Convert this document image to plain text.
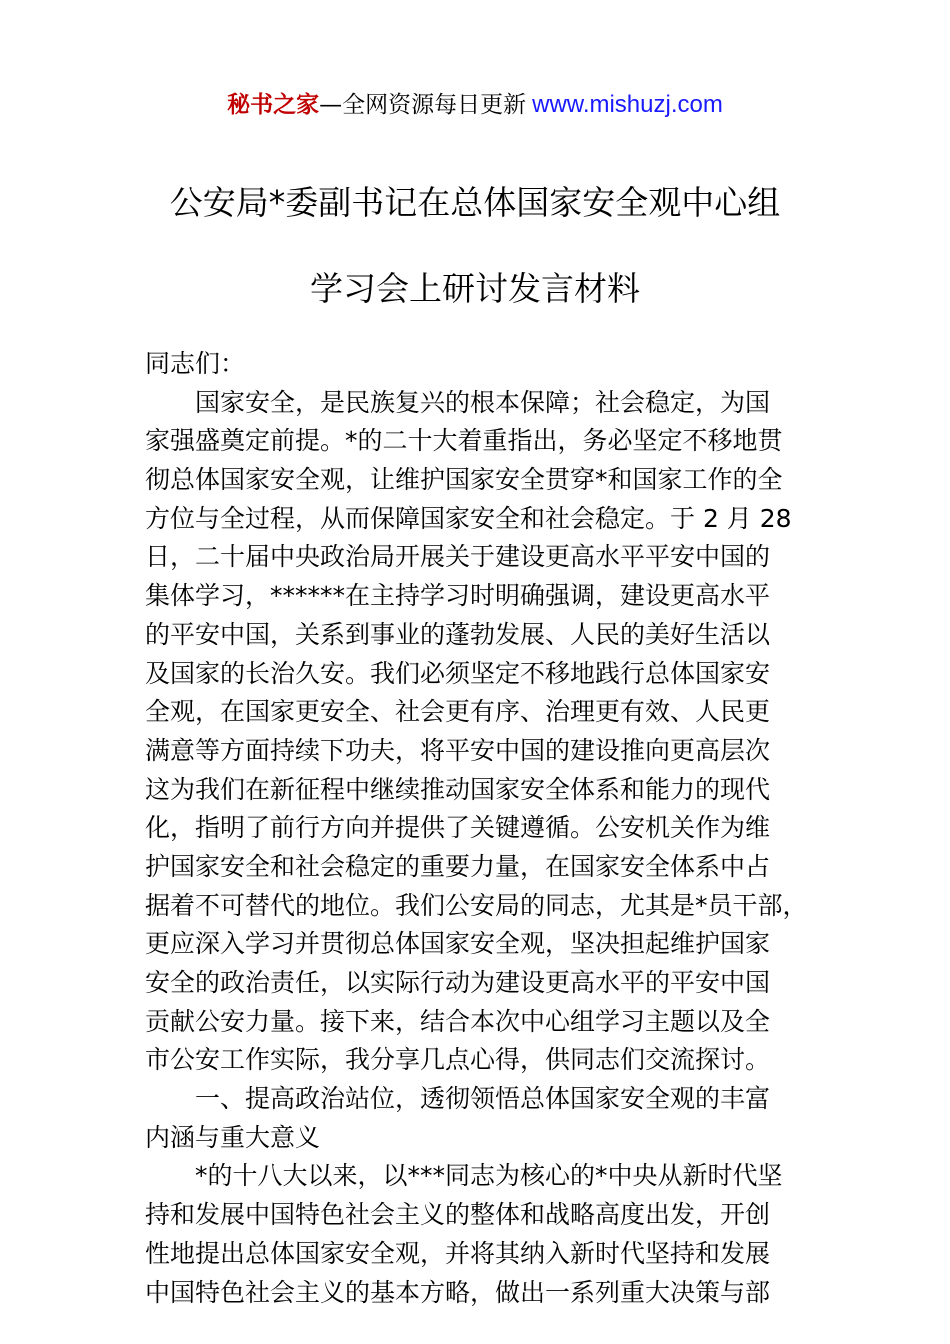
秘书之家—全网资源每日更新 www.mishuzj.com
公安局*委副书记在总体国家安全观中心组
学习会上研讨发言材料
同志们：
　　国家安全，是民族复兴的根本保障；社会稳定，为国
家强盛奠定前提。*的二十大着重指出，务必坚定不移地贯
彻总体国家安全观，让维护国家安全贯穿*和国家工作的全
方位与全过程，从而保障国家安全和社会稳定。于 2 月 28
日，二十届中央政治局开展关于建设更高水平平安中国的
集体学习，******在主持学习时明确强调，建设更高水平
的平安中国，关系到事业的蓬勃发展、人民的美好生活以
及国家的长治久安。我们必须坚定不移地践行总体国家安
全观，在国家更安全、社会更有序、治理更有效、人民更
满意等方面持续下功夫，将平安中国的建设推向更高层次
这为我们在新征程中继续推动国家安全体系和能力的现代
化，指明了前行方向并提供了关键遵循。公安机关作为维
护国家安全和社会稳定的重要力量，在国家安全体系中占
据着不可替代的地位。我们公安局的同志，尤其是*员干部，
更应深入学习并贯彻总体国家安全观，坚决担起维护国家
安全的政治责任，以实际行动为建设更高水平的平安中国
贡献公安力量。接下来，结合本次中心组学习主题以及全
市公安工作实际，我分享几点心得，供同志们交流探讨。
　　一、提高政治站位，透彻领悟总体国家安全观的丰富
内涵与重大意义
　　*的十八大以来，以***同志为核心的*中央从新时代坚
持和发展中国特色社会主义的整体和战略高度出发，开创
性地提出总体国家安全观，并将其纳入新时代坚持和发展
中国特色社会主义的基本方略，做出一系列重大决策与部
